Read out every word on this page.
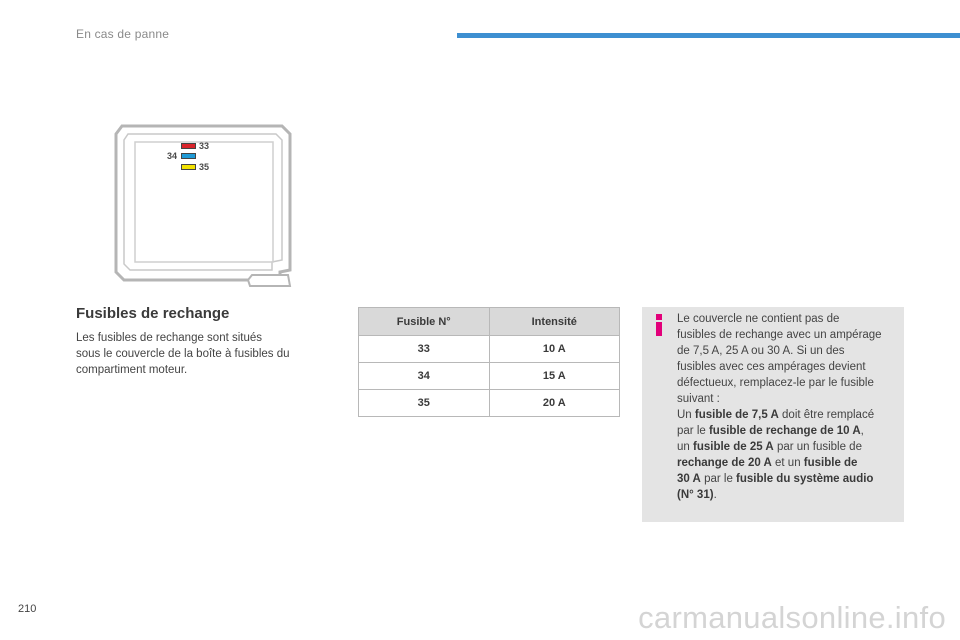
En cas de panne
33
34
35
Fusibles de rechange
Les fusibles de rechange sont situés
sous le couvercle de la boîte à fusibles du
compartiment moteur.
Fusible N°	Intensité
33	10 A
34	15 A
35	20 A
Le couvercle ne contient pas de
fusibles de rechange avec un ampérage
de 7,5 A, 25 A ou 30 A. Si un des
fusibles avec ces ampérages devient
défectueux, remplacez-le par le fusible
suivant :
Un fusible de 7,5 A doit être remplacé
par le fusible de rechange de 10 A,
un fusible de 25 A par un fusible de
rechange de 20 A et un fusible de
30 A par le fusible du système audio
(N° 31).
210	carmanualsonline.info
